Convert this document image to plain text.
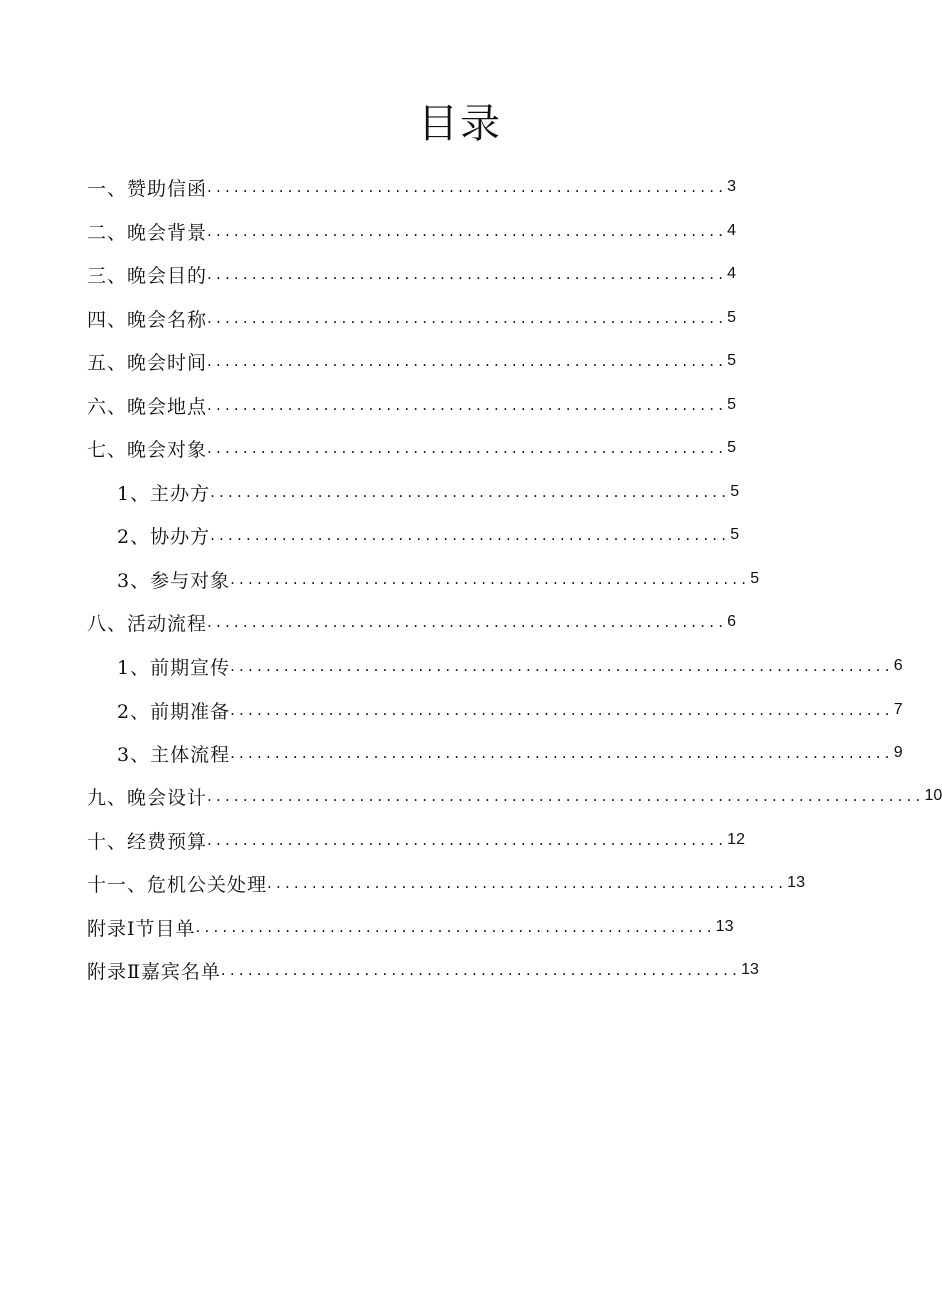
目录
一、赞助信函 .......................................................... 3
二、晚会背景 .......................................................... 4
三、晚会目的 .......................................................... 4
四、晚会名称 .......................................................... 5
五、晚会时间 .......................................................... 5
六、晚会地点 .......................................................... 5
七、晚会对象 .......................................................... 5
1、主办方 .......................................................... 5
2、协办方 .......................................................... 5
3、参与对象 .......................................................... 5
八、活动流程 .......................................................... 6
1、前期宣传 .......................................................................... 6
2、前期准备 .......................................................................... 7
3、主体流程 .......................................................................... 9
九、晚会设计 ................................................................................ 10
十、经费预算 .......................................................... 12
十一、危机公关处理 .......................................................... 13
附录Ⅰ节目单 .......................................................... 13
附录Ⅱ嘉宾名单 .......................................................... 13
